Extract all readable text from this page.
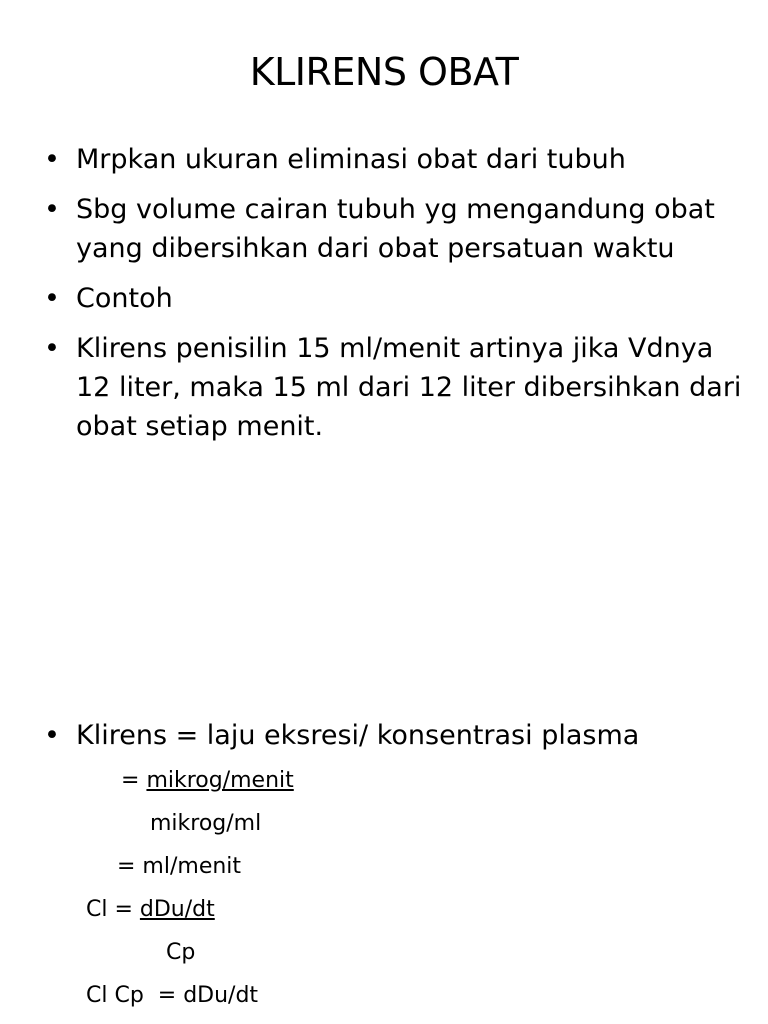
KLIRENS OBAT
• Mrpkan ukuran eliminasi obat dari tubuh
• Sbg volume cairan tubuh yg mengandung obat yang dibersihkan dari obat persatuan waktu
• Contoh
• Klirens penisilin 15 ml/menit artinya jika Vdnya 12 liter, maka 15 ml dari 12 liter dibersihkan dari obat setiap menit.
• Klirens = laju eksresi/ konsentrasi plasma
= mikrog/menit
mikrog/ml
= ml/menit
Cl = dDu/dt
Cp
Cl Cp  = dDu/dt
